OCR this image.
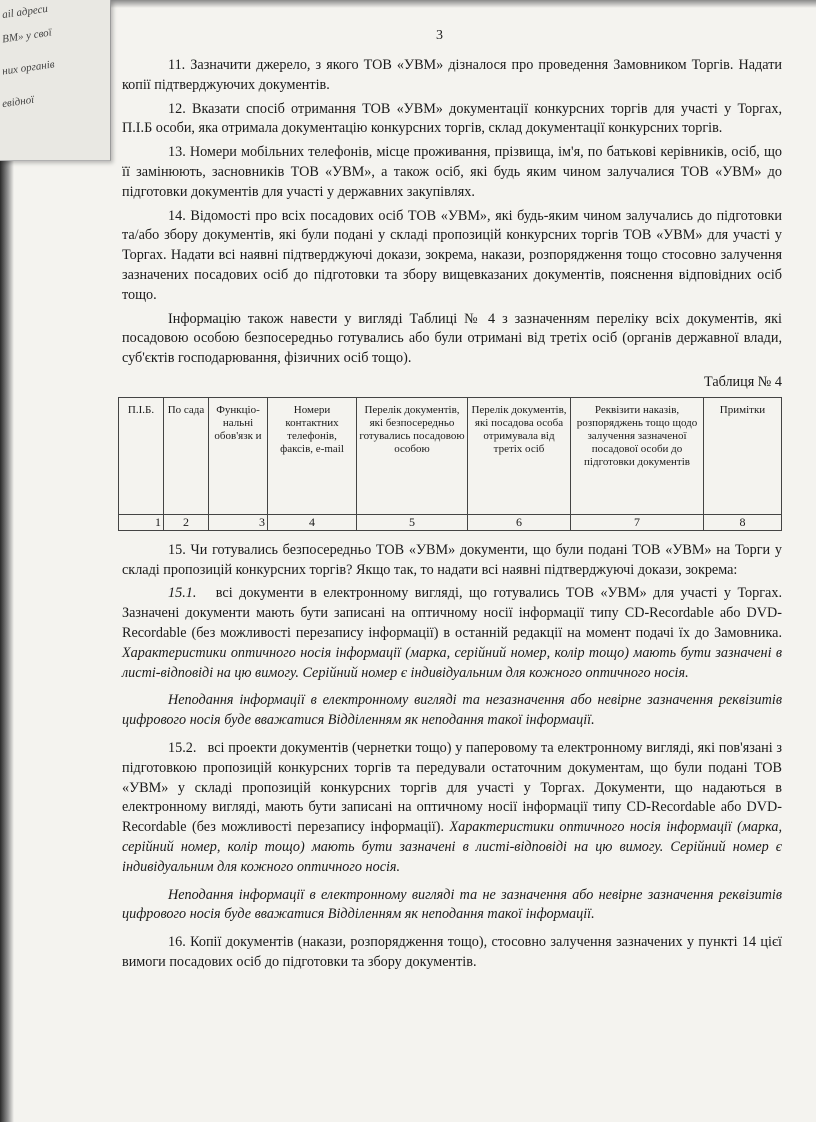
ail адреси
ВМ» у свої
них органів
евідної
3

11. Зазначити джерело, з якого ТОВ «УВМ» дізналося про проведення Замовником Торгів. Надати копії підтверджуючих документів.

12. Вказати спосіб отримання ТОВ «УВМ» документації конкурсних торгів для участі у Торгах, П.І.Б особи, яка отримала документацію конкурсних торгів, склад документації конкурсних торгів.

13. Номери мобільних телефонів, місце проживання, прізвища, ім'я, по батькові керівників, осіб, що її замінюють, засновників ТОВ «УВМ», а також осіб, які будь яким чином залучалися ТОВ «УВМ» до підготовки документів для участі у державних закупівлях.

14. Відомості про всіх посадових осіб ТОВ «УВМ», які будь-яким чином залучались до підготовки та/або збору документів, які були подані у складі пропозицій конкурсних торгів ТОВ «УВМ» для участі у Торгах. Надати всі наявні підтверджуючі докази, зокрема, накази, розпорядження тощо стосовно залучення зазначених посадових осіб до підготовки та збору вищевказаних документів, пояснення відповідних осіб тощо.

Інформацію також навести у вигляді Таблиці № 4 з зазначенням переліку всіх документів, які посадовою особою безпосередньо готувались або були отримані від третіх осіб (органів державної влади, суб'єктів господарювання, фізичних осіб тощо).

Таблиця № 4
П.І.Б.	По сада	Функціо-нальні обов'язк и	Номери контактних телефонів, факсів, e-mail	Перелік документів, які безпосередньо готувались посадовою особою	Перелік документів, які посадова особа отримувала від третіх осіб	Реквізити наказів, розпоряджень тощо щодо залучення зазначеної посадової особи до підготовки документів	Примітки
1	2	3	4	5	6	7	8

15. Чи готувались безпосередньо ТОВ «УВМ» документи, що були подані ТОВ «УВМ» на Торги у складі пропозицій конкурсних торгів? Якщо так, то надати всі наявні підтверджуючі докази, зокрема:

15.1. всі документи в електронному вигляді, що готувались ТОВ «УВМ» для участі у Торгах. Зазначені документи мають бути записані на оптичному носії інформації типу CD-Recordable або DVD-Recordable (без можливості перезапису інформації) в останній редакції на момент подачі їх до Замовника. Характеристики оптичного носія інформації (марка, серійний номер, колір тощо) мають бути зазначені в листі-відповіді на цю вимогу. Серійний номер є індивідуальним для кожного оптичного носія.

Неподання інформації в електронному вигляді та незазначення або невірне зазначення реквізитів цифрового носія буде вважатися Відділенням як неподання такої інформації.

15.2. всі проекти документів (чернетки тощо) у паперовому та електронному вигляді, які пов'язані з підготовкою пропозицій конкурсних торгів та передували остаточним документам, що були подані ТОВ «УВМ» у складі пропозицій конкурсних торгів для участі у Торгах. Документи, що надаються в електронному вигляді, мають бути записані на оптичному носії інформації типу CD-Recordable або DVD-Recordable (без можливості перезапису інформації). Характеристики оптичного носія інформації (марка, серійний номер, колір тощо) мають бути зазначені в листі-відповіді на цю вимогу. Серійний номер є індивідуальним для кожного оптичного носія.

Неподання інформації в електронному вигляді та не зазначення або невірне зазначення реквізитів цифрового носія буде вважатися Відділенням як неподання такої інформації.

16. Копії документів (накази, розпорядження тощо), стосовно залучення зазначених у пункті 14 цієї вимоги посадових осіб до підготовки та збору документів.
